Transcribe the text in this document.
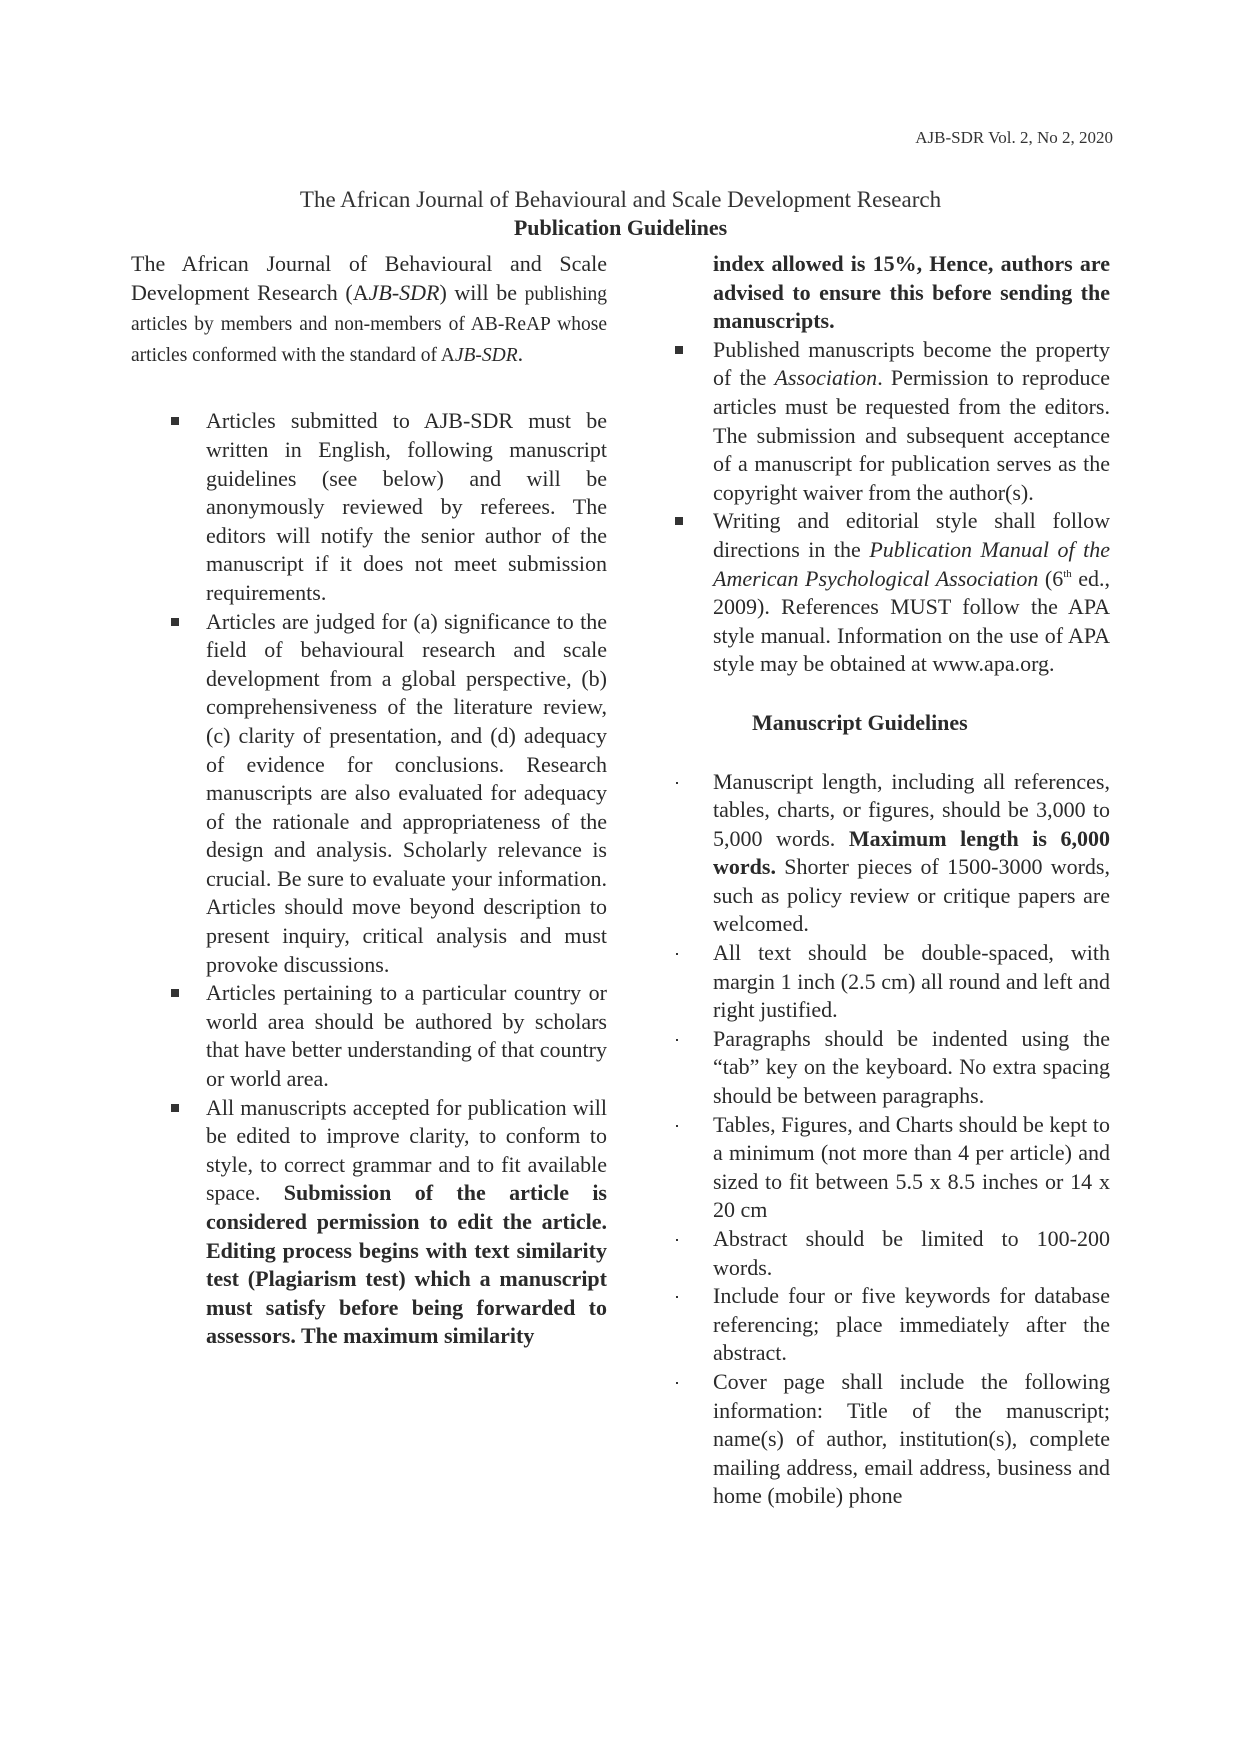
AJB-SDR Vol. 2, No 2, 2020
The African Journal of Behavioural and Scale Development Research
Publication Guidelines

The African Journal of Behavioural and Scale Development Research (AJB-SDR) will be publishing articles by members and non-members of AB-ReAP whose articles conformed with the standard of AJB-SDR.

Articles submitted to AJB-SDR must be written in English, following manuscript guidelines (see below) and will be anonymously reviewed by referees. The editors will notify the senior author of the manuscript if it does not meet submission requirements.
Articles are judged for (a) significance to the field of behavioural research and scale development from a global perspective, (b) comprehensiveness of the literature review, (c) clarity of presentation, and (d) adequacy of evidence for conclusions. Research manuscripts are also evaluated for adequacy of the rationale and appropriateness of the design and analysis. Scholarly relevance is crucial. Be sure to evaluate your information. Articles should move beyond description to present inquiry, critical analysis and must provoke discussions.
Articles pertaining to a particular country or world area should be authored by scholars that have better understanding of that country or world area.
All manuscripts accepted for publication will be edited to improve clarity, to conform to style, to correct grammar and to fit available space. Submission of the article is considered permission to edit the article. Editing process begins with text similarity test (Plagiarism test) which a manuscript must satisfy before being forwarded to assessors. The maximum similarity
index allowed is 15%, Hence, authors are advised to ensure this before sending the manuscripts.
Published manuscripts become the property of the Association. Permission to reproduce articles must be requested from the editors. The submission and subsequent acceptance of a manuscript for publication serves as the copyright waiver from the author(s).
Writing and editorial style shall follow directions in the Publication Manual of the American Psychological Association (6th ed., 2009). References MUST follow the APA style manual. Information on the use of APA style may be obtained at www.apa.org.
Manuscript Guidelines
Manuscript length, including all references, tables, charts, or figures, should be 3,000 to 5,000 words. Maximum length is 6,000 words. Shorter pieces of 1500-3000 words, such as policy review or critique papers are welcomed.
All text should be double-spaced, with margin 1 inch (2.5 cm) all round and left and right justified.
Paragraphs should be indented using the “tab” key on the keyboard. No extra spacing should be between paragraphs.
Tables, Figures, and Charts should be kept to a minimum (not more than 4 per article) and sized to fit between 5.5 x 8.5 inches or 14 x 20 cm
Abstract should be limited to 100-200 words.
Include four or five keywords for database referencing; place immediately after the abstract.
Cover page shall include the following information: Title of the manuscript; name(s) of author, institution(s), complete mailing address, email address, business and home (mobile) phone
